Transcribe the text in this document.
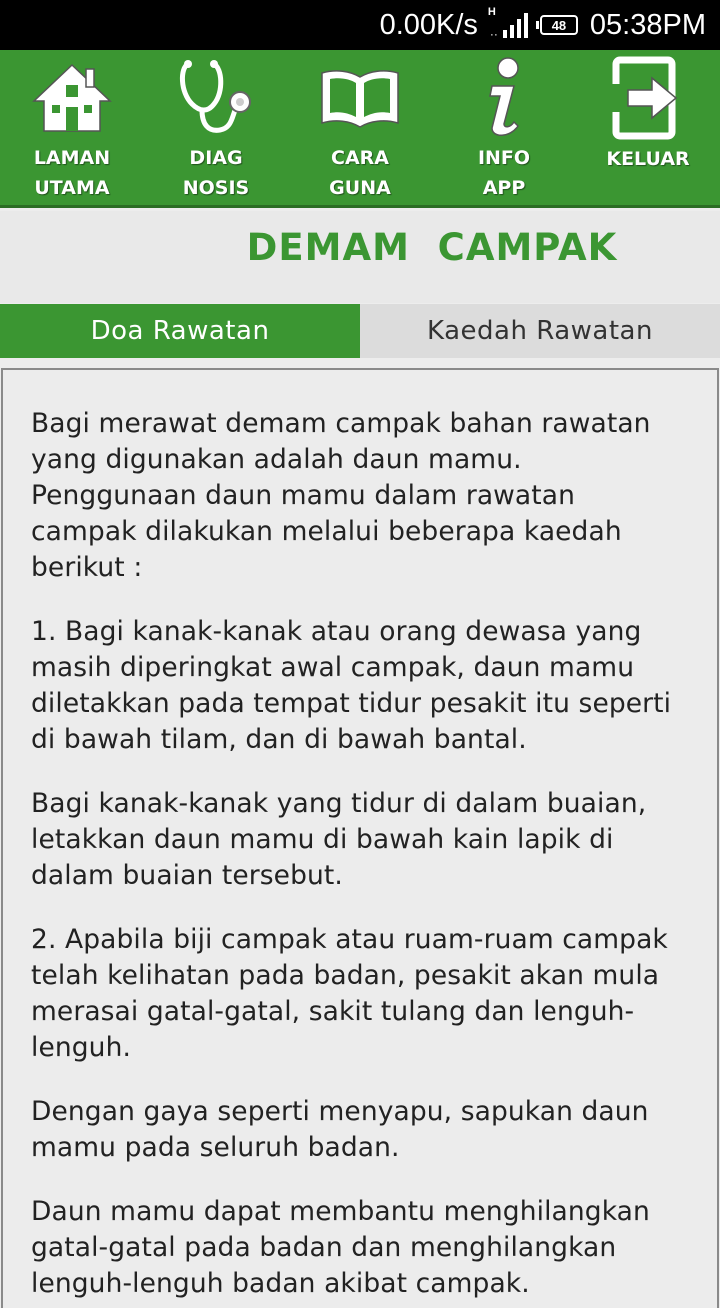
0.00K/s H
··
48 05:38PM
LAMAN
UTAMA
DIAG
NOSIS
CARA
GUNA
INFO
APP
KELUAR
DEMAM  CAMPAK
Doa Rawatan	Kaedah Rawatan

Bagi merawat demam campak bahan rawatan yang digunakan adalah daun mamu. Penggunaan daun mamu dalam rawatan campak dilakukan melalui beberapa kaedah berikut :

1. Bagi kanak-kanak atau orang dewasa yang masih diperingkat awal campak, daun mamu diletakkan pada tempat tidur pesakit itu seperti di bawah tilam, dan di bawah bantal.

Bagi kanak-kanak yang tidur di dalam buaian, letakkan daun mamu di bawah kain lapik di dalam buaian tersebut.

2. Apabila biji campak atau ruam-ruam campak telah kelihatan pada badan, pesakit akan mula merasai gatal-gatal, sakit tulang dan lenguh-lenguh.

Dengan gaya seperti menyapu, sapukan daun mamu pada seluruh badan.

Daun mamu dapat membantu menghilangkan gatal-gatal pada badan dan menghilangkan lenguh-lenguh badan akibat campak.
